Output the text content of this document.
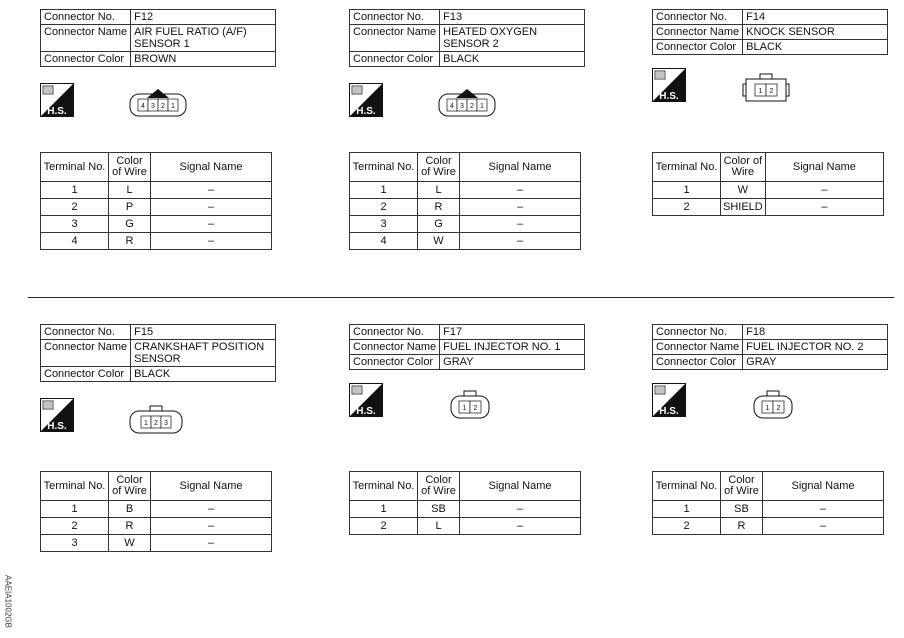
Connector No.	F12
Connector Name	AIR FUEL RATIO (A/F) SENSOR 1
Connector Color	BROWN
H.S.	4 3 2 1
Terminal No.	Color of Wire	Signal Name
1	L	–
2	P	–
3	G	–
4	R	–
Connector No.	F13
Connector Name	HEATED OXYGEN SENSOR 2
Connector Color	BLACK
H.S.	4 3 2 1
Terminal No.	Color of Wire	Signal Name
1	L	–
2	R	–
3	G	–
4	W	–
Connector No.	F14
Connector Name	KNOCK SENSOR
Connector Color	BLACK
H.S.	1 2
Terminal No.	Color of Wire	Signal Name
1	W	–
2	SHIELD	–
Connector No.	F15
Connector Name	CRANKSHAFT POSITION SENSOR
Connector Color	BLACK
H.S.	1 2 3
Terminal No.	Color of Wire	Signal Name
1	B	–
2	R	–
3	W	–
Connector No.	F17
Connector Name	FUEL INJECTOR NO. 1
Connector Color	GRAY
H.S.	1 2
Terminal No.	Color of Wire	Signal Name
1	SB	–
2	L	–
Connector No.	F18
Connector Name	FUEL INJECTOR NO. 2
Connector Color	GRAY
H.S.	1 2
Terminal No.	Color of Wire	Signal Name
1	SB	–
2	R	–
AAEIA1002GB
